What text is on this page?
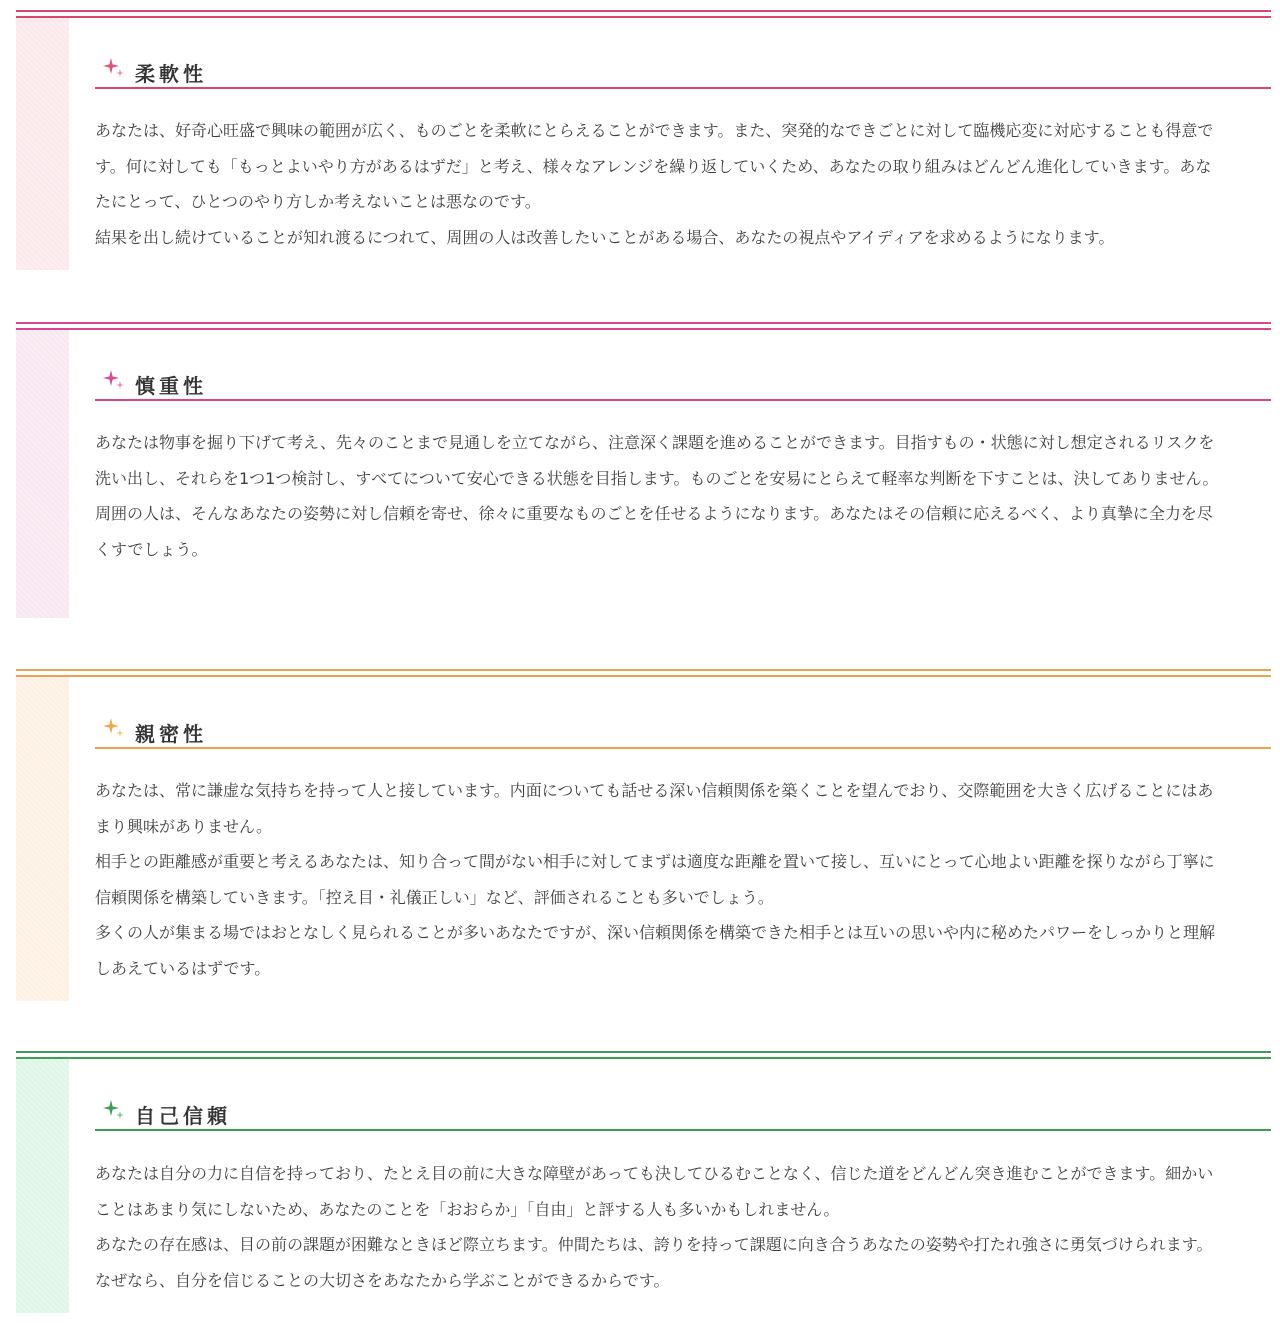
柔軟性

あなたは、好奇心旺盛で興味の範囲が広く、ものごとを柔軟にとらえることができます。また、突発的なできごとに対して臨機応変に対応することも得意です。何に対しても「もっとよいやり方があるはずだ」と考え、様々なアレンジを繰り返していくため、あなたの取り組みはどんどん進化していきます。あなたにとって、ひとつのやり方しか考えないことは悪なのです。

結果を出し続けていることが知れ渡るにつれて、周囲の人は改善したいことがある場合、あなたの視点やアイディアを求めるようになります。

慎重性

あなたは物事を掘り下げて考え、先々のことまで見通しを立てながら、注意深く課題を進めることができます。目指すもの・状態に対し想定されるリスクを洗い出し、それらを1つ1つ検討し、すべてについて安心できる状態を目指します。ものごとを安易にとらえて軽率な判断を下すことは、決してありません。

周囲の人は、そんなあなたの姿勢に対し信頼を寄せ、徐々に重要なものごとを任せるようになります。あなたはその信頼に応えるべく、より真摯に全力を尽くすでしょう。

親密性

あなたは、常に謙虚な気持ちを持って人と接しています。内面についても話せる深い信頼関係を築くことを望んでおり、交際範囲を大きく広げることにはあまり興味がありません。

相手との距離感が重要と考えるあなたは、知り合って間がない相手に対してまずは適度な距離を置いて接し、互いにとって心地よい距離を探りながら丁寧に信頼関係を構築していきます。「控え目・礼儀正しい」など、評価されることも多いでしょう。

多くの人が集まる場ではおとなしく見られることが多いあなたですが、深い信頼関係を構築できた相手とは互いの思いや内に秘めたパワーをしっかりと理解しあえているはずです。

自己信頼

あなたは自分の力に自信を持っており、たとえ目の前に大きな障壁があっても決してひるむことなく、信じた道をどんどん突き進むことができます。細かいことはあまり気にしないため、あなたのことを「おおらか」「自由」と評する人も多いかもしれません。

あなたの存在感は、目の前の課題が困難なときほど際立ちます。仲間たちは、誇りを持って課題に向き合うあなたの姿勢や打たれ強さに勇気づけられます。なぜなら、自分を信じることの大切さをあなたから学ぶことができるからです。
